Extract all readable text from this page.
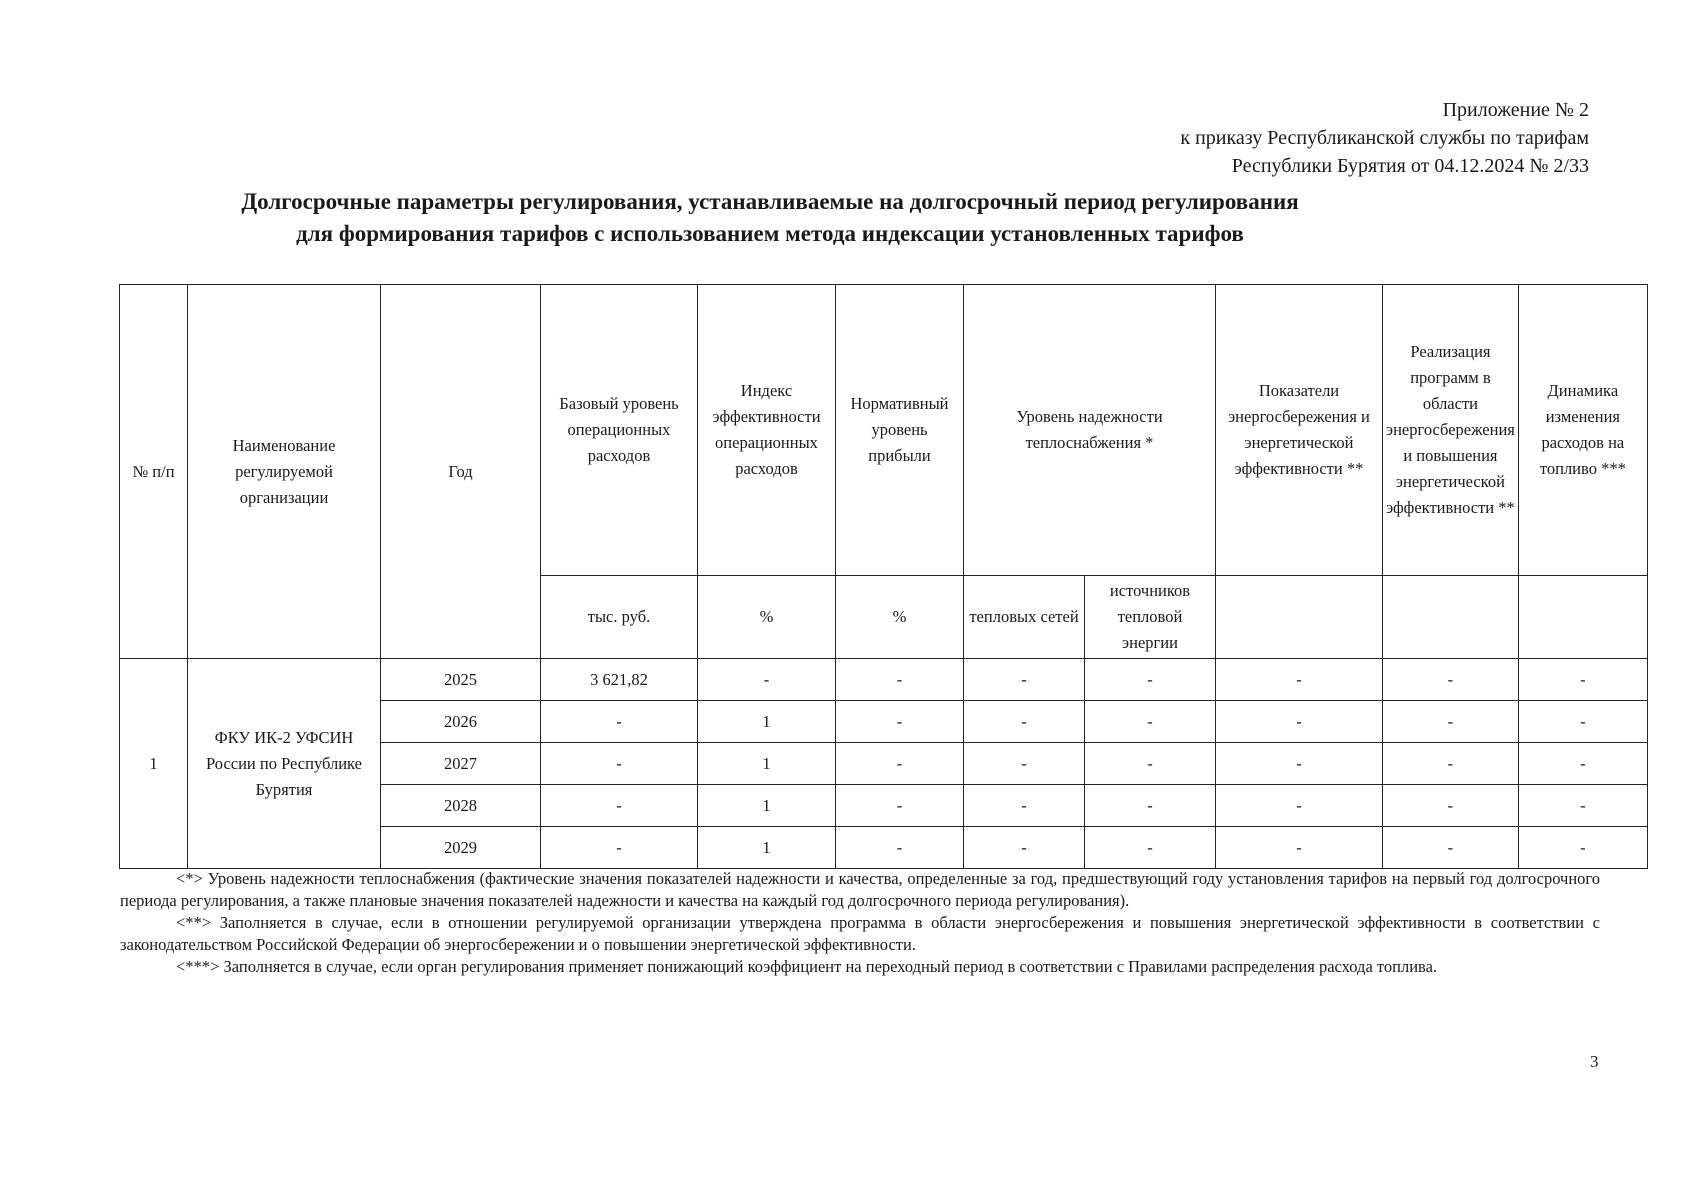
Приложение № 2
к приказу Республиканской службы по тарифам
Республики Бурятия от 04.12.2024 № 2/33
Долгосрочные параметры регулирования, устанавливаемые на долгосрочный период регулирования
для формирования тарифов с использованием метода индексации установленных тарифов
№ п/п	Наименование регулируемой организации	Год	Базовый уровень операционных расходов	Индекс эффективности операционных расходов	Нормативный уровень прибыли	Уровень надежности теплоснабжения *		Показатели энергосбережения и энергетической эффективности **	Реализация программ в области энергосбережения и повышения энергетической эффективности **	Динамика изменения расходов на топливо ***
			тыс. руб.	%	%	тепловых сетей	источников тепловой энергии			
1	ФКУ ИК-2 УФСИН России по Республике Бурятия	2025	3 621,82	-	-	-	-	-	-	-
		2026	-	1	-	-	-	-	-	-
		2027	-	1	-	-	-	-	-	-
		2028	-	1	-	-	-	-	-	-
		2029	-	1	-	-	-	-	-	-

<*> Уровень надежности теплоснабжения (фактические значения показателей надежности и качества, определенные за год, предшествующий году установления тарифов на первый год долгосрочного периода регулирования, а также плановые значения показателей надежности и качества на каждый год долгосрочного периода регулирования).

<**> Заполняется в случае, если в отношении регулируемой организации утверждена программа в области энергосбережения и повышения энергетической эффективности в соответствии с законодательством Российской Федерации об энергосбережении и о повышении энергетической эффективности.

<***> Заполняется в случае, если орган регулирования применяет понижающий коэффициент на переходный период в соответствии с Правилами распределения расхода топлива.

3
